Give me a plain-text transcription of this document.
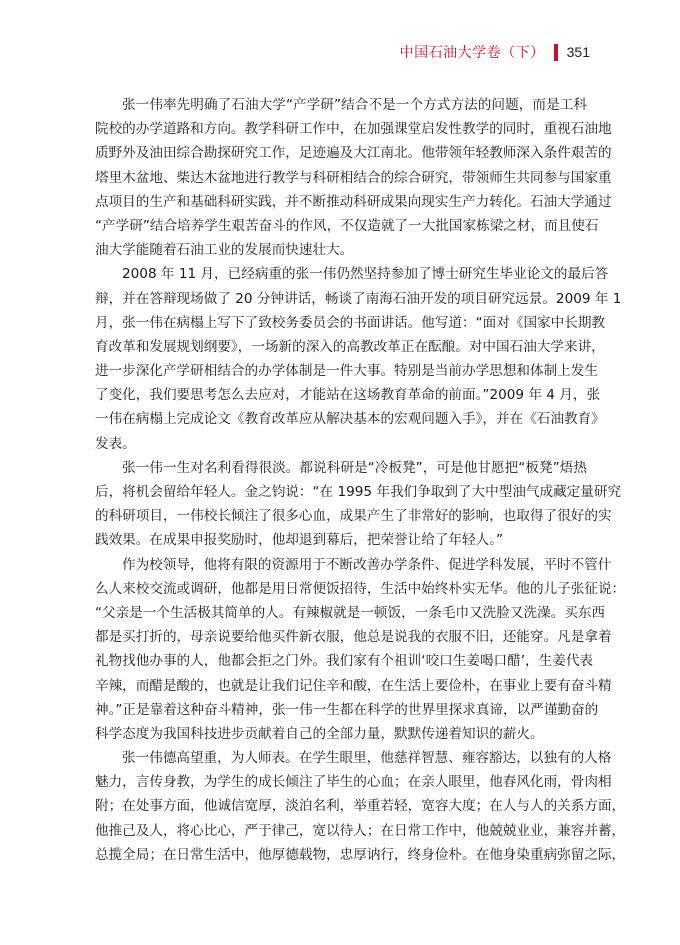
中国石油大学卷（下） 351
张一伟率先明确了石油大学“产学研”结合不是一个方式方法的问题，而是工科
院校的办学道路和方向。教学科研工作中，在加强课堂启发性教学的同时，重视石油地
质野外及油田综合勘探研究工作，足迹遍及大江南北。他带领年轻教师深入条件艰苦的
塔里木盆地、柴达木盆地进行教学与科研相结合的综合研究，带领师生共同参与国家重
点项目的生产和基础科研实践，并不断推动科研成果向现实生产力转化。石油大学通过
“产学研”结合培养学生艰苦奋斗的作风，不仅造就了一大批国家栋梁之材，而且使石
油大学能随着石油工业的发展而快速壮大。
2008 年 11 月，已经病重的张一伟仍然坚持参加了博士研究生毕业论文的最后答
辩，并在答辩现场做了 20 分钟讲话，畅谈了南海石油开发的项目研究远景。2009 年 1
月，张一伟在病榻上写下了致校务委员会的书面讲话。他写道：“面对《国家中长期教
育改革和发展规划纲要》，一场新的深入的高教改革正在酝酿。对中国石油大学来讲，
进一步深化产学研相结合的办学体制是一件大事。特别是当前办学思想和体制上发生
了变化，我们要思考怎么去应对，才能站在这场教育革命的前面。”2009 年 4 月，张
一伟在病榻上完成论文《教育改革应从解决基本的宏观问题入手》，并在《石油教育》
发表。
张一伟一生对名利看得很淡。都说科研是“冷板凳”，可是他甘愿把“板凳”焐热
后，将机会留给年轻人。金之钧说：“在 1995 年我们争取到了大中型油气成藏定量研究
的科研项目，一伟校长倾注了很多心血，成果产生了非常好的影响，也取得了很好的实
践效果。在成果申报奖励时，他却退到幕后，把荣誉让给了年轻人。”
作为校领导，他将有限的资源用于不断改善办学条件、促进学科发展，平时不管什
么人来校交流或调研，他都是用日常便饭招待，生活中始终朴实无华。他的儿子张征说：
“父亲是一个生活极其简单的人。有辣椒就是一顿饭，一条毛巾又洗脸又洗澡。买东西
都是买打折的，母亲说要给他买件新衣服，他总是说我的衣服不旧，还能穿。凡是拿着
礼物找他办事的人，他都会拒之门外。我们家有个祖训‘咬口生姜喝口醋’，生姜代表
辛辣，而醋是酸的，也就是让我们记住辛和酸，在生活上要俭朴，在事业上要有奋斗精
神。”正是靠着这种奋斗精神，张一伟一生都在科学的世界里探求真谛，以严谨勤奋的
科学态度为我国科技进步贡献着自己的全部力量，默默传递着知识的薪火。
张一伟德高望重，为人师表。在学生眼里，他慈祥智慧、雍容豁达，以独有的人格
魅力，言传身教，为学生的成长倾注了毕生的心血；在亲人眼里，他春风化雨，骨肉相
附；在处事方面，他诚信宽厚，淡泊名利，举重若轻，宽容大度；在人与人的关系方面，
他推己及人，将心比心，严于律己，宽以待人；在日常工作中，他兢兢业业，兼容并蓄，
总揽全局；在日常生活中，他厚德载物，忠厚讷行，终身俭朴。在他身染重病弥留之际，
